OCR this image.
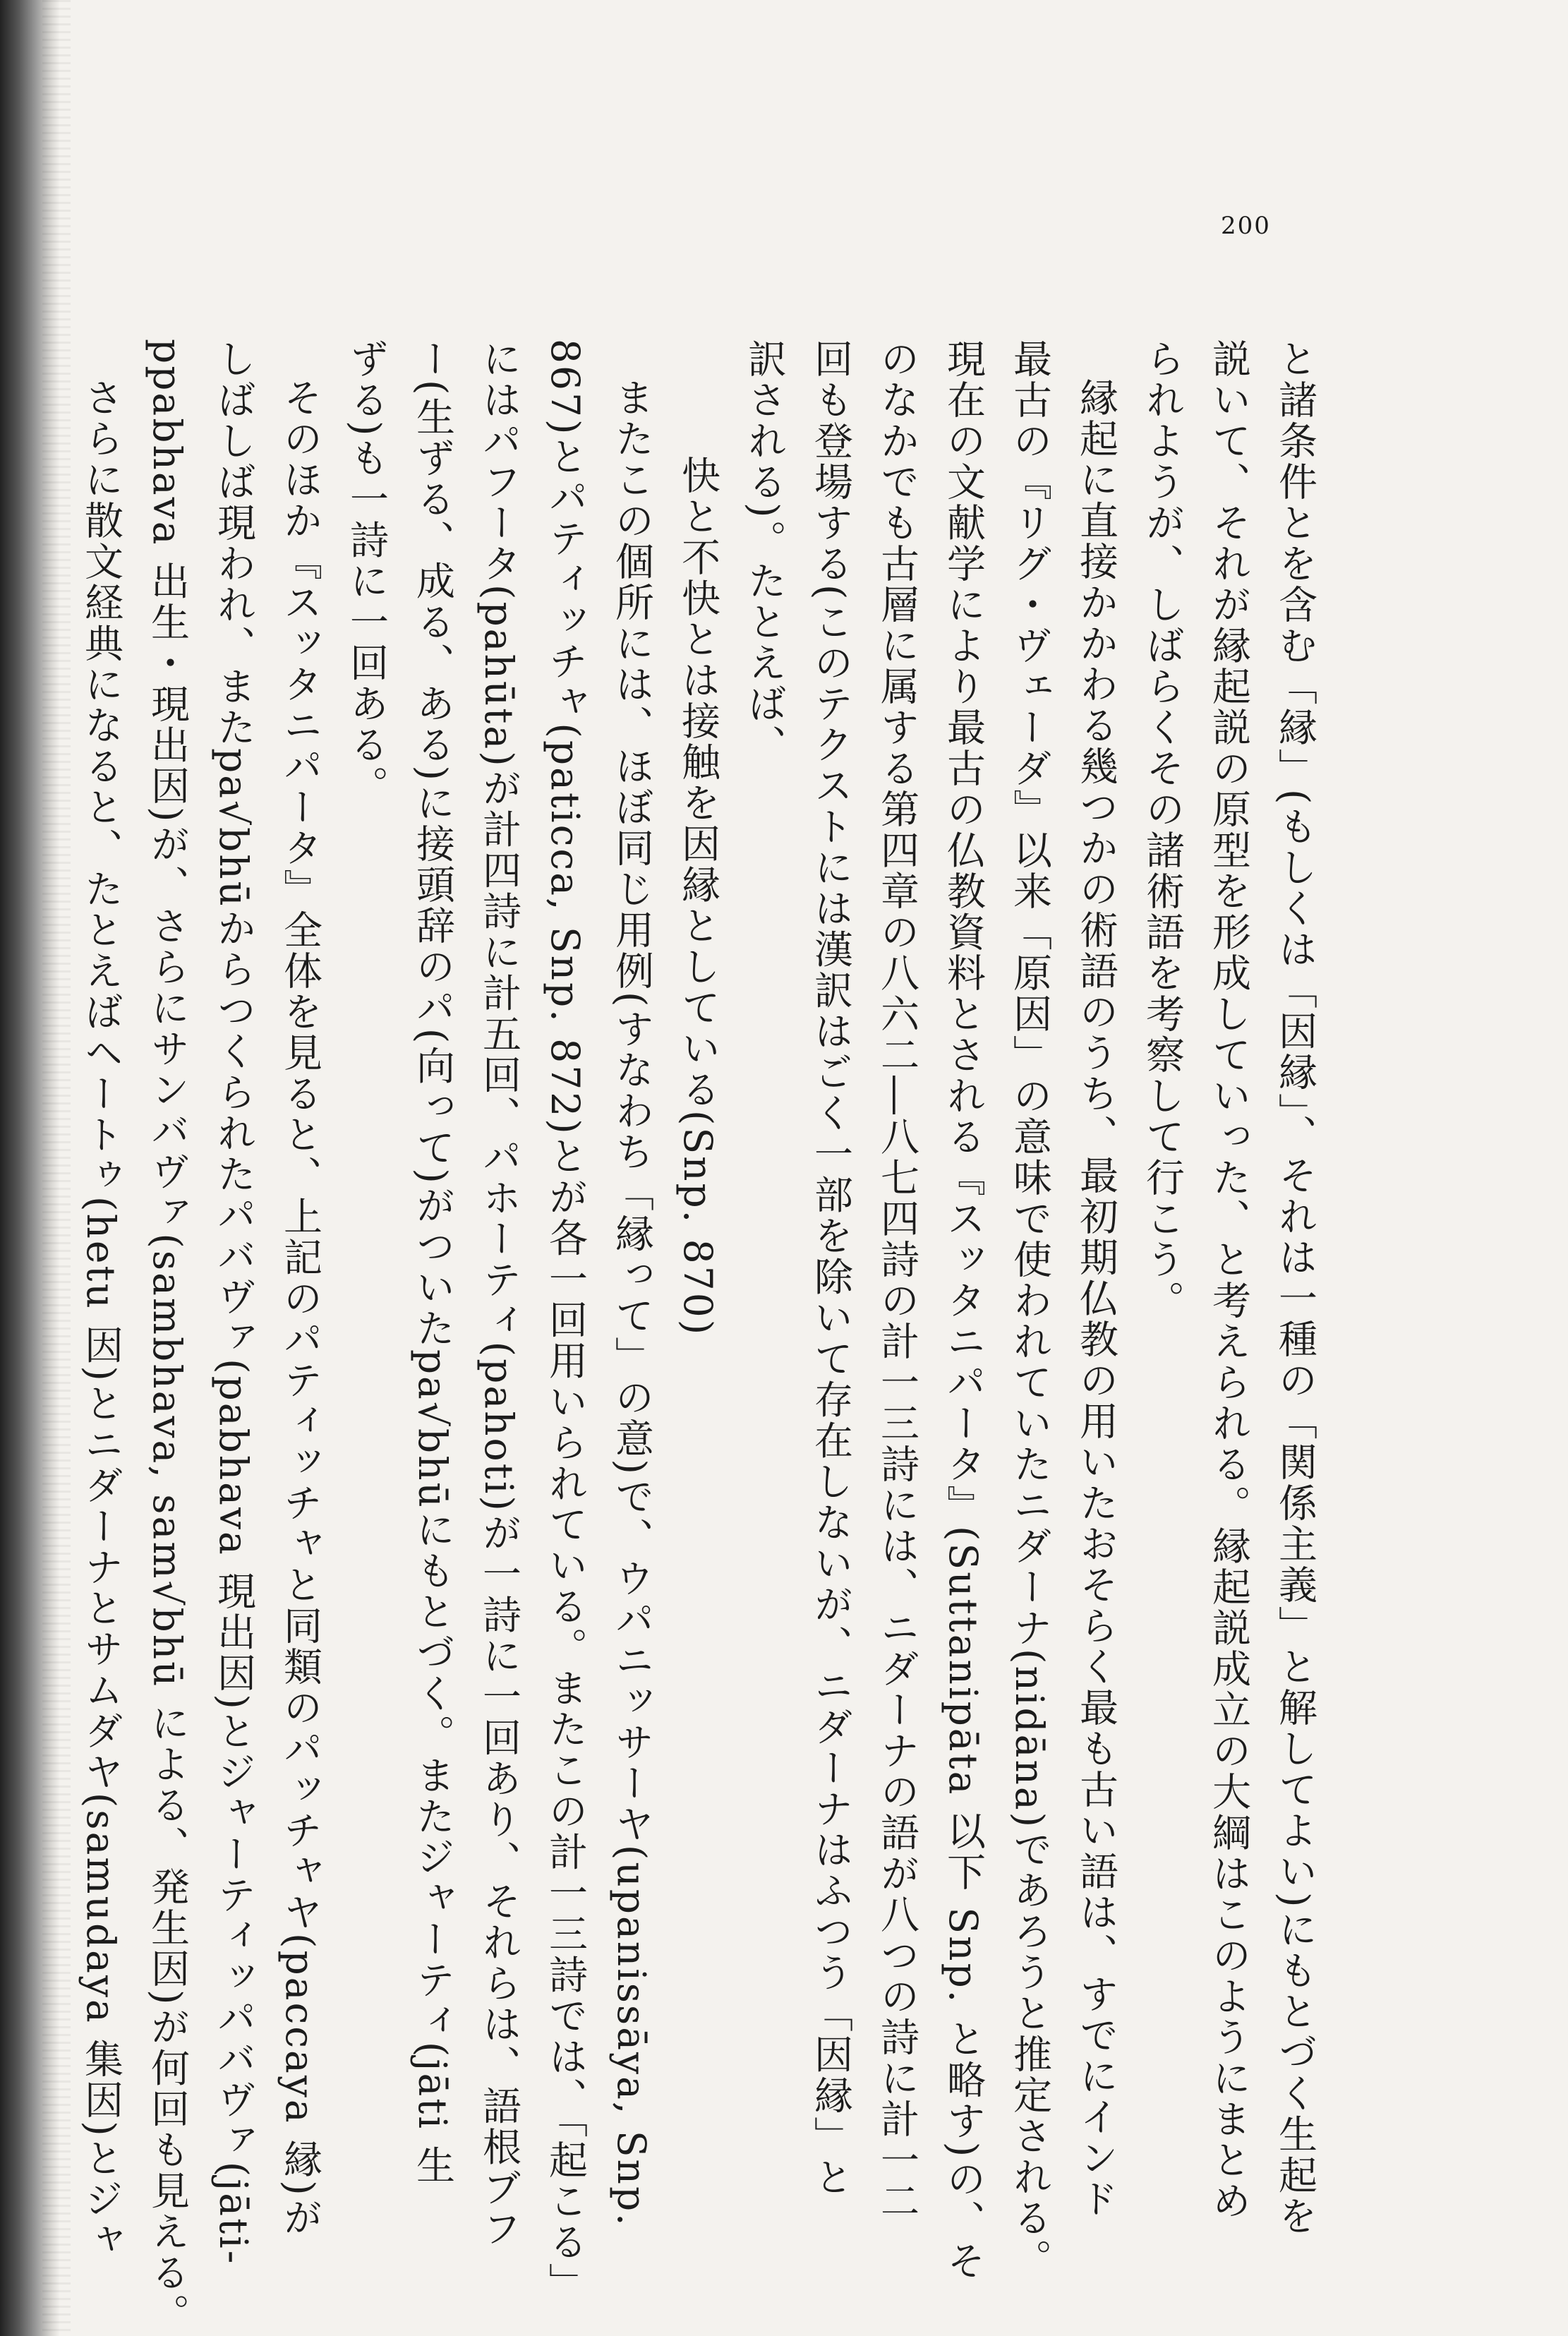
200
と諸条件とを含む「縁」(もしくは「因縁」、それは一種の「関係主義」と解してよい)にもとづく生起を
説いて、それが縁起説の原型を形成していった、と考えられる。縁起説成立の大綱はこのようにまとめ
られようが、しばらくその諸術語を考察して行こう。
縁起に直接かかわる幾つかの術語のうち、最初期仏教の用いたおそらく最も古い語は、すでにインド
最古の『リグ・ヴェーダ』以来「原因」の意味で使われていたニダーナ(nidāna)であろうと推定される。
現在の文献学により最古の仏教資料とされる『スッタニパータ』(Suttanipāta 以下 Snp. と略す)の、そ
のなかでも古層に属する第四章の八六二―八七四詩の計一三詩には、ニダーナの語が八つの詩に計一二
回も登場する(このテクストには漢訳はごく一部を除いて存在しないが、ニダーナはふつう「因縁」と
訳される)。たとえば、
快と不快とは接触を因縁としている(Snp. 870)
またこの個所には、ほぼ同じ用例(すなわち「縁って」の意)で、ウパニッサーヤ(upanissāya, Snp.
867)とパティッチャ(paticca, Snp. 872)とが各一回用いられている。またこの計一三詩では、「起こる」
にはパフータ(pahūta)が計四詩に計五回、パホーティ(pahoti)が一詩に一回あり、それらは、語根ブフ
ー(生ずる、成る、ある)に接頭辞のパ(向って)がついたpa√bhūにもとづく。またジャーティ(jāti 生
ずる)も一詩に一回ある。
そのほか『スッタニパータ』全体を見ると、上記のパティッチャと同類のパッチャヤ(paccaya 縁)が
しばしば現われ、またpa√bhūからつくられたパバヴァ(pabhava 現出因)とジャーティッパバヴァ(jāti-
ppabhava 出生・現出因)が、さらにサンバヴァ(sambhava, sam√bhū による、発生因)が何回も見える。
さらに散文経典になると、たとえばヘートゥ(hetu 因)とニダーナとサムダヤ(samudaya 集因)とジャ
